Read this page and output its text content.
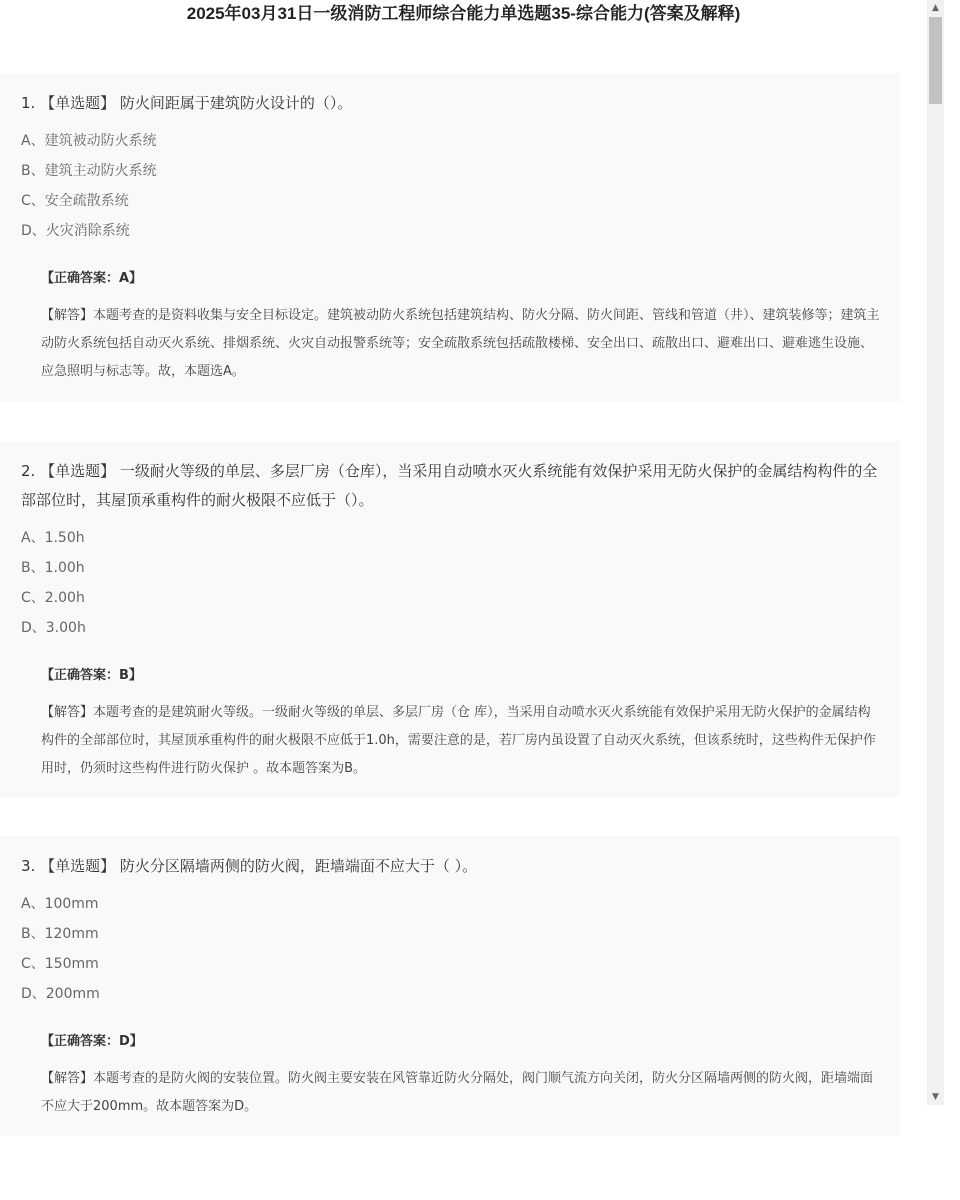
2025年03月31日一级消防工程师综合能力单选题35-综合能力(答案及解释)
1. 【单选题】 防火间距属于建筑防火设计的（）。
A、建筑被动防火系统
B、建筑主动防火系统
C、安全疏散系统
D、火灾消除系统
【正确答案：A】
【解答】本题考查的是资料收集与安全目标设定。建筑被动防火系统包括建筑结构、防火分隔、防火间距、管线和管道（井）、建筑装修等；建筑主动防火系统包括自动灭火系统、排烟系统、火灾自动报警系统等；安全疏散系统包括疏散楼梯、安全出口、疏散出口、避难出口、避难逃生设施、应急照明与标志等。故，本题选A。
2. 【单选题】 一级耐火等级的单层、多层厂房（仓库），当采用自动喷水灭火系统能有效保护采用无防火保护的金属结构构件的全部部位时，其屋顶承重构件的耐火极限不应低于（）。
A、1.50h
B、1.00h
C、2.00h
D、3.00h
【正确答案：B】
【解答】本题考查的是建筑耐火等级。一级耐火等级的单层、多层厂房（仓 库），当采用自动喷水灭火系统能有效保护采用无防火保护的金属结构构件的全部部位时，其屋顶承重构件的耐火极限不应低于1.0h，需要注意的是，若厂房内虽设置了自动灭火系统，但该系统时，这些构件无保护作用时，仍须时这些构件进行防火保护 。故本题答案为B。
3. 【单选题】 防火分区隔墙两侧的防火阀，距墙端面不应大于（ ）。
A、100mm
B、120mm
C、150mm
D、200mm
【正确答案：D】
【解答】本题考查的是防火阀的安装位置。防火阀主要安装在风管靠近防火分隔处，阀门顺气流方向关闭，防火分区隔墙两侧的防火阀，距墙端面不应大于200mm。故本题答案为D。
▲
▼
